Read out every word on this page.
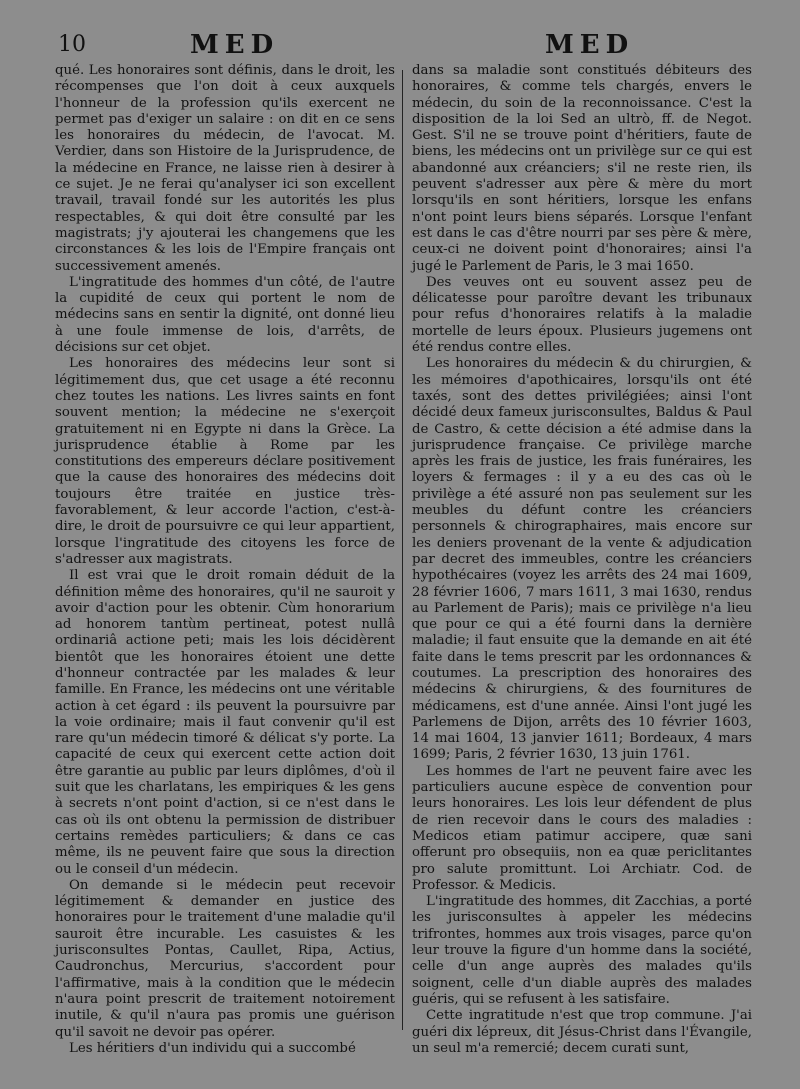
10	MED	MED

qué. Les honoraires sont définis, dans le droit, les récompenses que l'on doit à ceux auxquels l'honneur de la profession qu'ils exercent ne permet pas d'exiger un salaire : on dit en ce sens les honoraires du médecin, de l'avocat. M. Verdier, dans son Histoire de la Jurisprudence, de la médecine en France, ne laisse rien à desirer à ce sujet. Je ne ferai qu'analyser ici son excellent travail, travail fondé sur les autorités les plus respectables, & qui doit être consulté par les magistrats; j'y ajouterai les changemens que les circonstances & les lois de l'Empire français ont successivement amenés.

L'ingratitude des hommes d'un côté, de l'autre la cupidité de ceux qui portent le nom de médecins sans en sentir la dignité, ont donné lieu à une foule immense de lois, d'arrêts, de décisions sur cet objet.

Les honoraires des médecins leur sont si légitimement dus, que cet usage a été reconnu chez toutes les nations. Les livres saints en font souvent mention; la médecine ne s'exerçoit gratuitement ni en Egypte ni dans la Grèce. La jurisprudence établie à Rome par les constitutions des empereurs déclare positivement que la cause des honoraires des médecins doit toujours être traitée en justice très-favorablement, & leur accorde l'action, c'est-à-dire, le droit de poursuivre ce qui leur appartient, lorsque l'ingratitude des citoyens les force de s'adresser aux magistrats.

Il est vrai que le droit romain déduit de la définition même des honoraires, qu'il ne sauroit y avoir d'action pour les obtenir. Cùm honorarium ad honorem tantùm pertineat, potest nullâ ordinariâ actione peti; mais les lois décidèrent bientôt que les honoraires étoient une dette d'honneur contractée par les malades & leur famille. En France, les médecins ont une véritable action à cet égard : ils peuvent la poursuivre par la voie ordinaire; mais il faut convenir qu'il est rare qu'un médecin timoré & délicat s'y porte. La capacité de ceux qui exercent cette action doit être garantie au public par leurs diplômes, d'où il suit que les charlatans, les empiriques & les gens à secrets n'ont point d'action, si ce n'est dans le cas où ils ont obtenu la permission de distribuer certains remèdes particuliers; & dans ce cas même, ils ne peuvent faire que sous la direction ou le conseil d'un médecin.

On demande si le médecin peut recevoir légitimement & demander en justice des honoraires pour le traitement d'une maladie qu'il sauroit être incurable. Les casuistes & les jurisconsultes Pontas, Caullet, Ripa, Actius, Caudronchus, Mercurius, s'accordent pour l'affirmative, mais à la condition que le médecin n'aura point prescrit de traitement notoirement inutile, & qu'il n'aura pas promis une guérison qu'il savoit ne devoir pas opérer.

Les héritiers d'un individu qui a succombé

dans sa maladie sont constitués débiteurs des honoraires, & comme tels chargés, envers le médecin, du soin de la reconnoissance. C'est la disposition de la loi Sed an ultrò, ff. de Negot. Gest. S'il ne se trouve point d'héritiers, faute de biens, les médecins ont un privilège sur ce qui est abandonné aux créanciers; s'il ne reste rien, ils peuvent s'adresser aux père & mère du mort lorsqu'ils en sont héritiers, lorsque les enfans n'ont point leurs biens séparés. Lorsque l'enfant est dans le cas d'être nourri par ses père & mère, ceux-ci ne doivent point d'honoraires; ainsi l'a jugé le Parlement de Paris, le 3 mai 1650.

Des veuves ont eu souvent assez peu de délicatesse pour paroître devant les tribunaux pour refus d'honoraires relatifs à la maladie mortelle de leurs époux. Plusieurs jugemens ont été rendus contre elles.

Les honoraires du médecin & du chirurgien, & les mémoires d'apothicaires, lorsqu'ils ont été taxés, sont des dettes privilégiées; ainsi l'ont décidé deux fameux jurisconsultes, Baldus & Paul de Castro, & cette décision a été admise dans la jurisprudence française. Ce privilège marche après les frais de justice, les frais funéraires, les loyers & fermages : il y a eu des cas où le privilège a été assuré non pas seulement sur les meubles du défunt contre les créanciers personnels & chirographaires, mais encore sur les deniers provenant de la vente & adjudication par decret des immeubles, contre les créanciers hypothécaires (voyez les arrêts des 24 mai 1609, 28 février 1606, 7 mars 1611, 3 mai 1630, rendus au Parlement de Paris); mais ce privilège n'a lieu que pour ce qui a été fourni dans la dernière maladie; il faut ensuite que la demande en ait été faite dans le tems prescrit par les ordonnances & coutumes. La prescription des honoraires des médecins & chirurgiens, & des fournitures de médicamens, est d'une année. Ainsi l'ont jugé les Parlemens de Dijon, arrêts des 10 février 1603, 14 mai 1604, 13 janvier 1611; Bordeaux, 4 mars 1699; Paris, 2 février 1630, 13 juin 1761.

Les hommes de l'art ne peuvent faire avec les particuliers aucune espèce de convention pour leurs honoraires. Les lois leur défendent de plus de rien recevoir dans le cours des maladies : Medicos etiam patimur accipere, quæ sani offerunt pro obsequiis, non ea quæ periclitantes pro salute promittunt. Loi Archiatr. Cod. de Professor. & Medicis.

L'ingratitude des hommes, dit Zacchias, a porté les jurisconsultes à appeler les médecins trifrontes, hommes aux trois visages, parce qu'on leur trouve la figure d'un homme dans la société, celle d'un ange auprès des malades qu'ils soignent, celle d'un diable auprès des malades guéris, qui se refusent à les satisfaire.

Cette ingratitude n'est que trop commune. J'ai guéri dix lépreux, dit Jésus-Christ dans l'Évangile, un seul m'a remercié; decem curati sunt,
